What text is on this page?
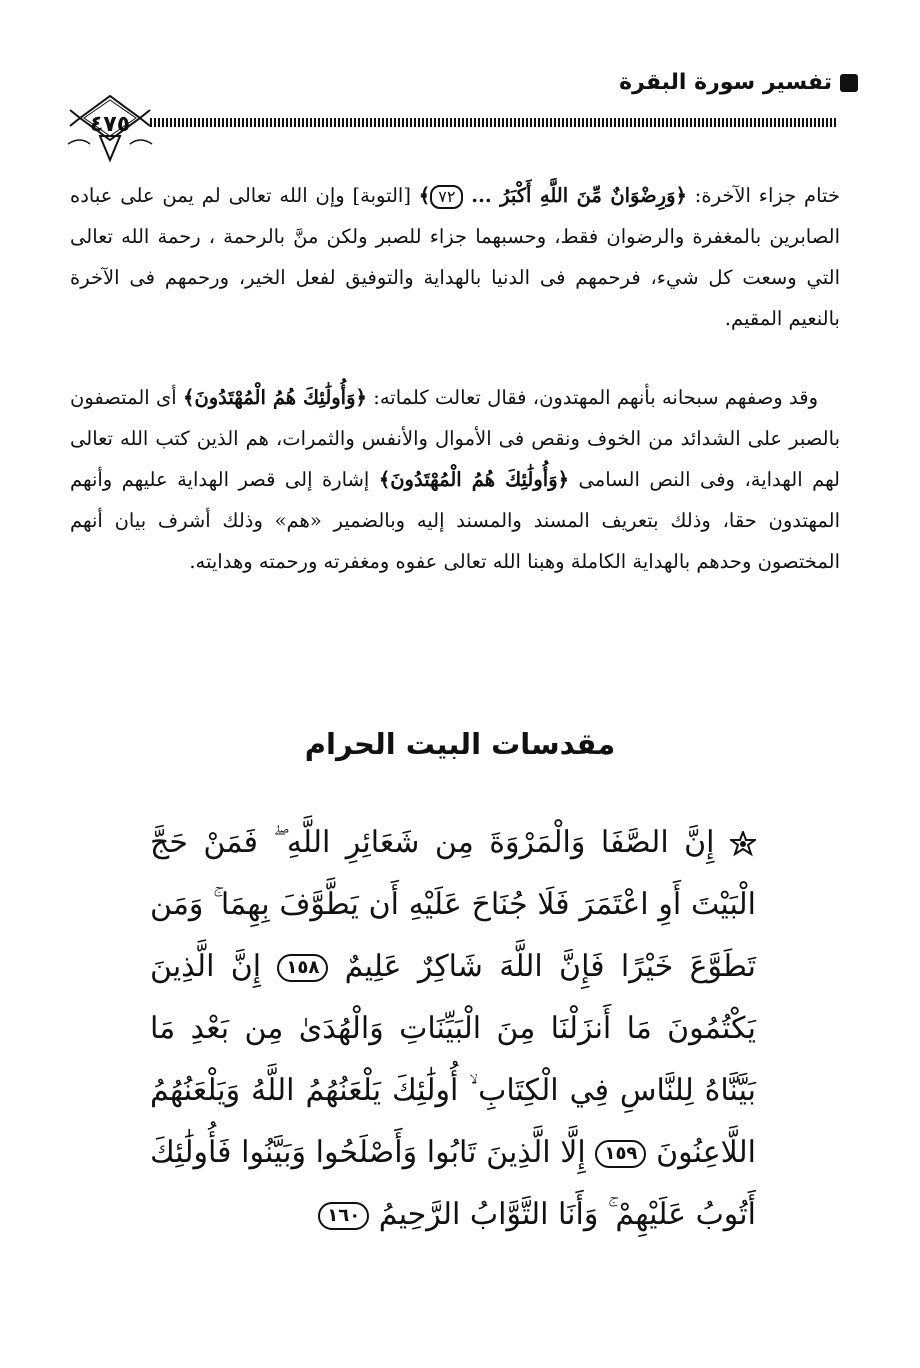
تفسير سورة البقرة
٤٧٥

ختام جزاء الآخرة: ﴿وَرِضْوَانٌ مِّنَ اللَّهِ أَكْبَرُ ... ٧٢﴾ [التوبة] وإن الله تعالى لم يمن على عباده الصابرين بالمغفرة والرضوان فقط، وحسبهما جزاء للصبر ولكن منَّ بالرحمة ، رحمة الله تعالى التي وسعت كل شيء، فرحمهم فى الدنيا بالهداية والتوفيق لفعل الخير، ورحمهم فى الآخرة بالنعيم المقيم.

وقد وصفهم سبحانه بأنهم المهتدون، فقال تعالت كلماته: ﴿وَأُولَٰئِكَ هُمُ الْمُهْتَدُونَ﴾ أى المتصفون بالصبر على الشدائد من الخوف ونقص فى الأموال والأنفس والثمرات، هم الذين كتب الله تعالى لهم الهداية، وفى النص السامى ﴿وَأُولَٰئِكَ هُمُ الْمُهْتَدُونَ﴾ إشارة إلى قصر الهداية عليهم وأنهم المهتدون حقا، وذلك بتعريف المسند والمسند إليه وبالضمير «هم» وذلك أشرف بيان أنهم المختصون وحدهم بالهداية الكاملة وهبنا الله تعالى عفوه ومغفرته ورحمته وهدايته.

مقدسات البيت الحرام
إِنَّ الصَّفَا وَالْمَرْوَةَ مِن شَعَائِرِ اللَّهِ ۖ فَمَنْ حَجَّ الْبَيْتَ أَوِ اعْتَمَرَ فَلَا جُنَاحَ عَلَيْهِ أَن يَطَّوَّفَ بِهِمَا ۚ وَمَن تَطَوَّعَ خَيْرًا فَإِنَّ اللَّهَ شَاكِرٌ عَلِيمٌ ١٥٨ إِنَّ الَّذِينَ يَكْتُمُونَ مَا أَنزَلْنَا مِنَ الْبَيِّنَاتِ وَالْهُدَىٰ مِن بَعْدِ مَا بَيَّنَّاهُ لِلنَّاسِ فِي الْكِتَابِ ۙ أُولَٰئِكَ يَلْعَنُهُمُ اللَّهُ وَيَلْعَنُهُمُ اللَّاعِنُونَ ١٥٩ إِلَّا الَّذِينَ تَابُوا وَأَصْلَحُوا وَبَيَّنُوا فَأُولَٰئِكَ أَتُوبُ عَلَيْهِمْ ۚ وَأَنَا التَّوَّابُ الرَّحِيمُ ١٦٠
